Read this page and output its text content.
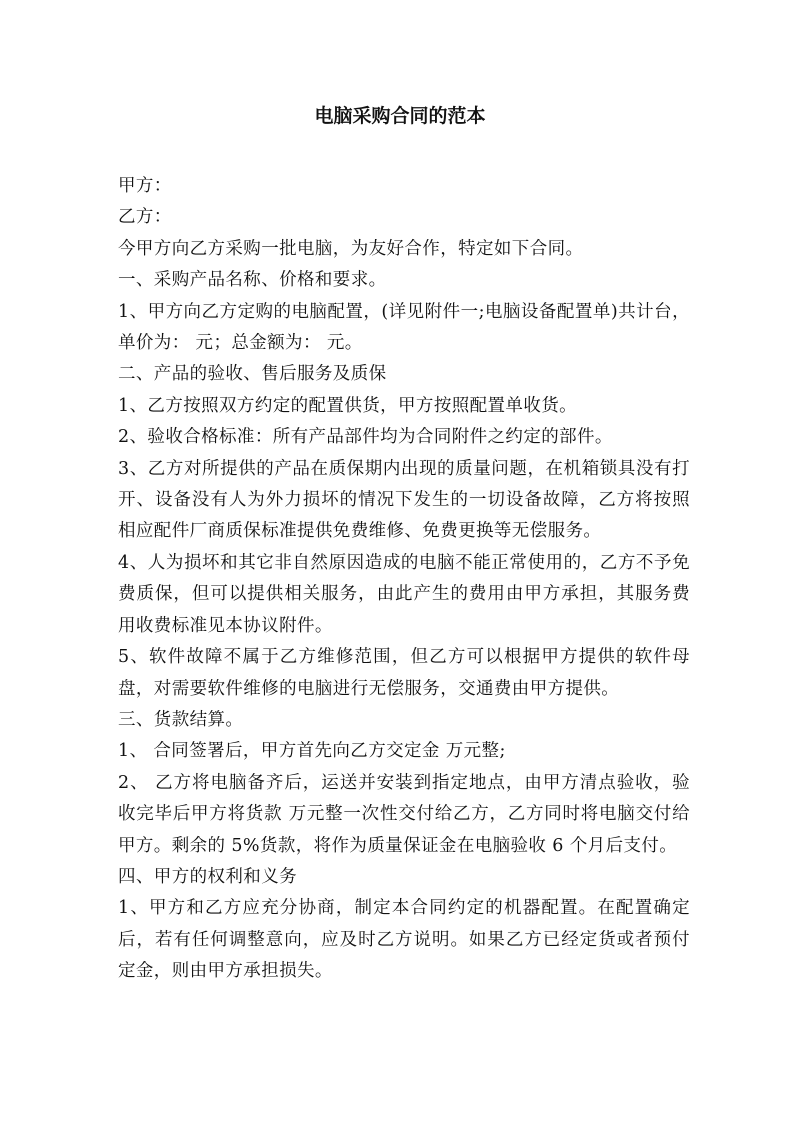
电脑采购合同的范本

甲方：

乙方：

今甲方向乙方采购一批电脑，为友好合作，特定如下合同。

一、采购产品名称、价格和要求。

1、甲方向乙方定购的电脑配置，(详见附件一;电脑设备配置单)共计台，单价为： 元；总金额为： 元。

二、产品的验收、售后服务及质保

1、乙方按照双方约定的配置供货，甲方按照配置单收货。

2、验收合格标准：所有产品部件均为合同附件之约定的部件。

3、乙方对所提供的产品在质保期内出现的质量问题，在机箱锁具没有打开、设备没有人为外力损坏的情况下发生的一切设备故障，乙方将按照相应配件厂商质保标准提供免费维修、免费更换等无偿服务。

4、人为损坏和其它非自然原因造成的电脑不能正常使用的，乙方不予免费质保，但可以提供相关服务，由此产生的费用由甲方承担，其服务费用收费标准见本协议附件。

5、软件故障不属于乙方维修范围，但乙方可以根据甲方提供的软件母盘，对需要软件维修的电脑进行无偿服务，交通费由甲方提供。

三、货款结算。

1、 合同签署后，甲方首先向乙方交定金 万元整;

2、 乙方将电脑备齐后，运送并安装到指定地点，由甲方清点验收，验收完毕后甲方将货款 万元整一次性交付给乙方，乙方同时将电脑交付给甲方。剩余的 5%货款，将作为质量保证金在电脑验收 6 个月后支付。

四、甲方的权利和义务

1、甲方和乙方应充分协商，制定本合同约定的机器配置。在配置确定后，若有任何调整意向，应及时乙方说明。如果乙方已经定货或者预付定金，则由甲方承担损失。
